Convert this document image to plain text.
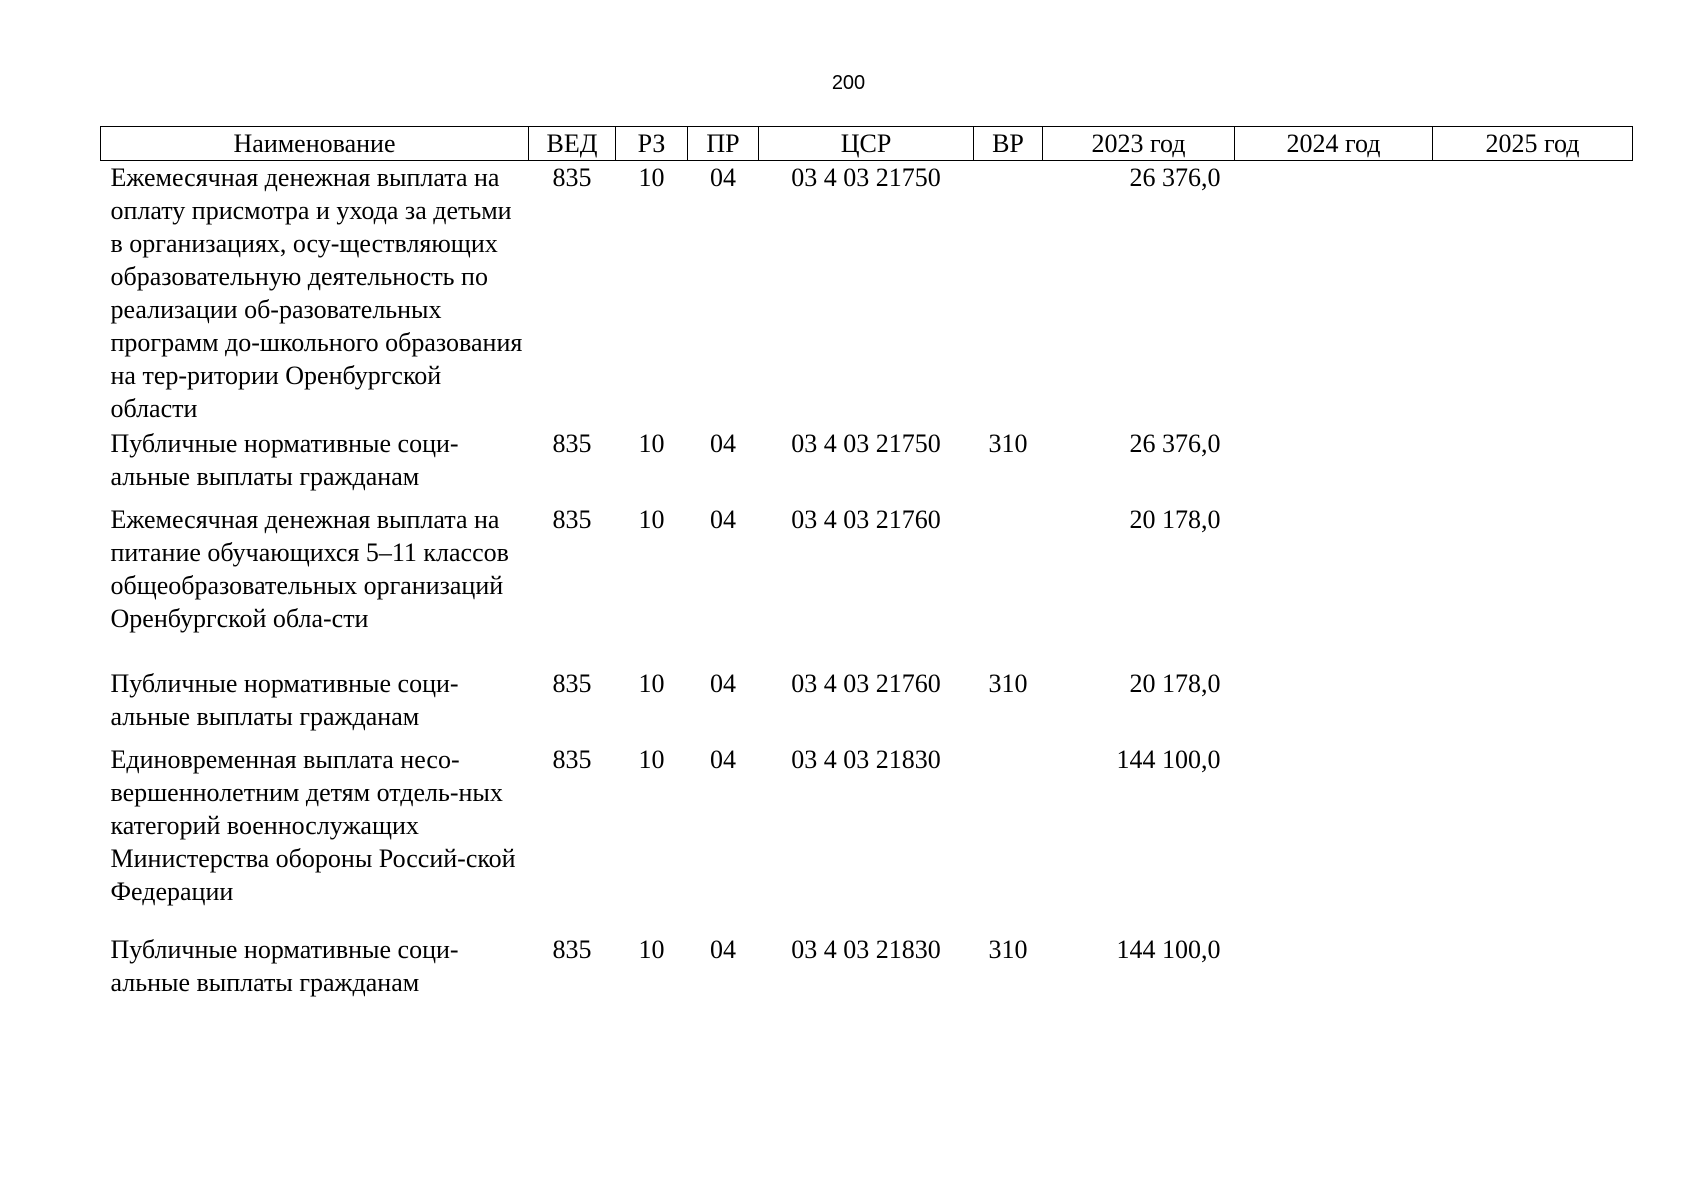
200
Наименование	ВЕД	РЗ	ПР	ЦСР	ВР	2023 год	2024 год	2025 год
Ежемесячная денежная выплата на оплату присмотра и ухода за детьми в организациях, осу-ществляющих образовательную деятельность по реализации об-разовательных программ до-школьного образования на тер-ритории Оренбургской области	835	10	04	03 4 03 21750		26 376,0		
Публичные нормативные соци-альные выплаты гражданам	835	10	04	03 4 03 21750	310	26 376,0		
Ежемесячная денежная выплата на питание обучающихся 5–11 классов общеобразовательных организаций Оренбургской обла-сти	835	10	04	03 4 03 21760		20 178,0		
Публичные нормативные соци-альные выплаты гражданам	835	10	04	03 4 03 21760	310	20 178,0		
Единовременная выплата несо-вершеннолетним детям отдель-ных категорий военнослужащих Министерства обороны Россий-ской Федерации	835	10	04	03 4 03 21830		144 100,0		
Публичные нормативные соци-альные выплаты гражданам	835	10	04	03 4 03 21830	310	144 100,0		
